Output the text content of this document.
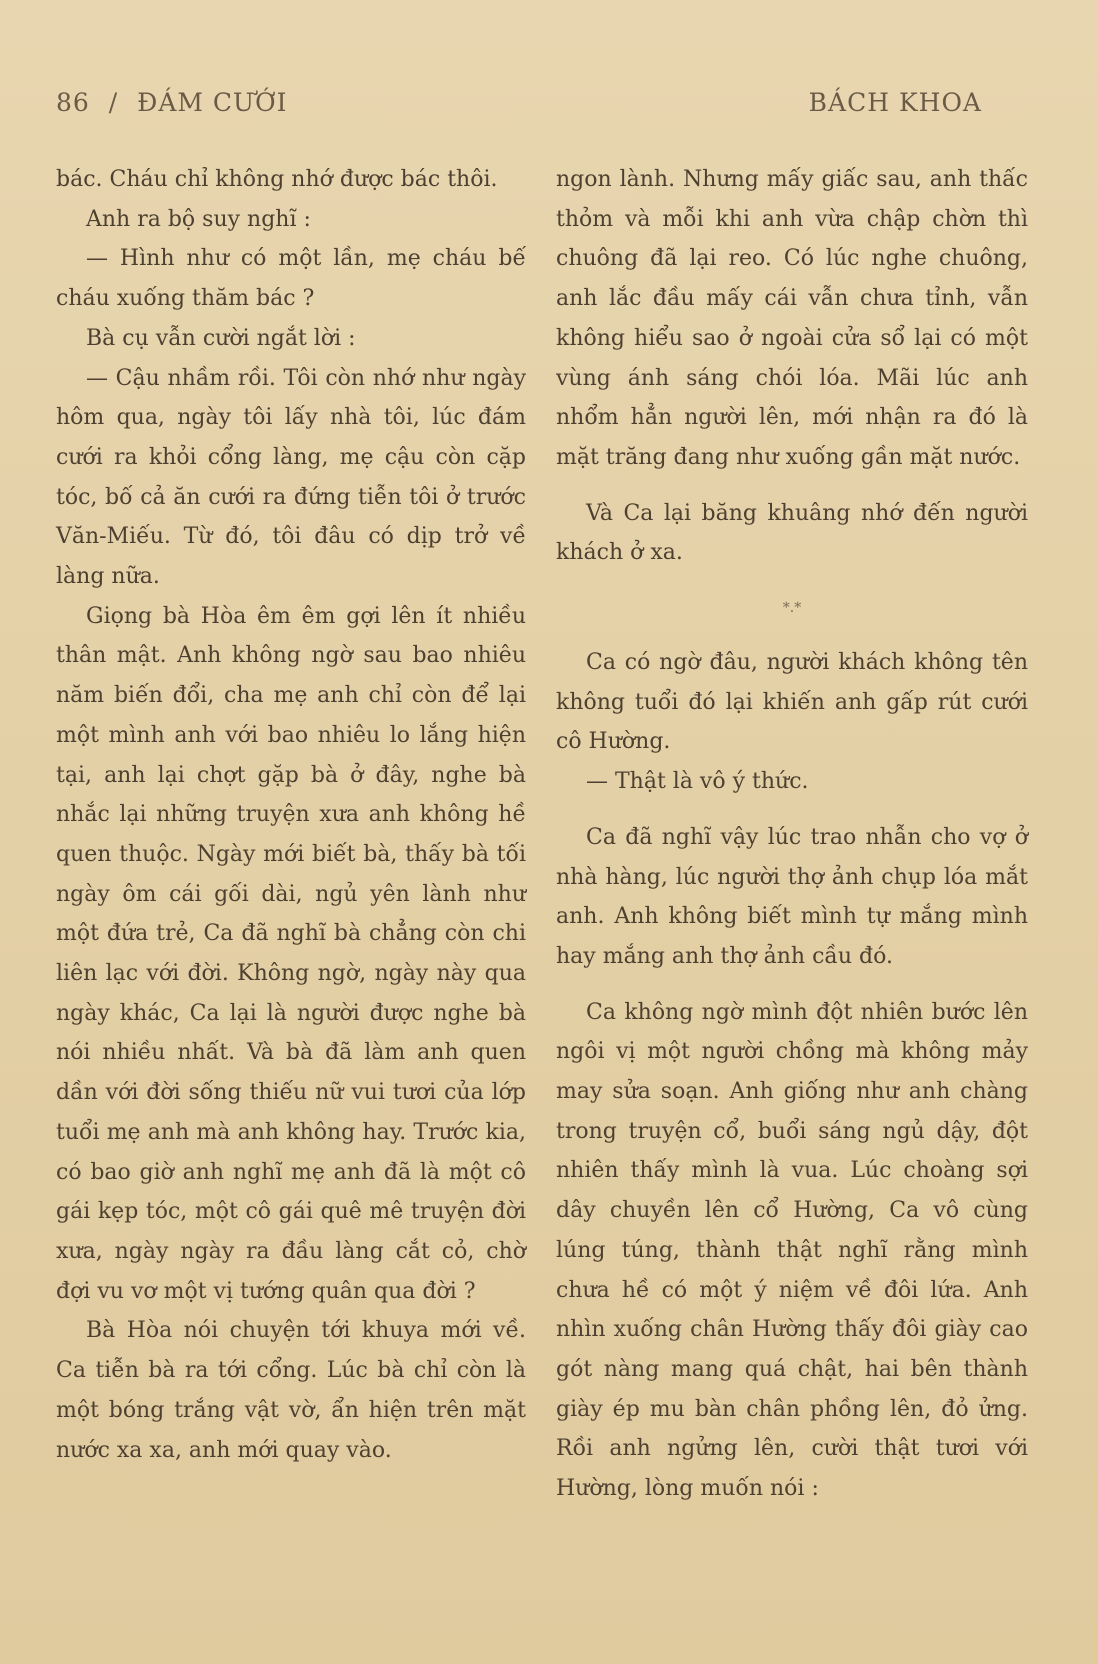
86 / ĐÁM CƯỚI	BÁCH KHOA

bác. Cháu chỉ không nhớ được bác thôi.

Anh ra bộ suy nghĩ :

— Hình như có một lần, mẹ cháu bế cháu xuống thăm bác ?

Bà cụ vẫn cười ngắt lời :

— Cậu nhầm rồi. Tôi còn nhớ như ngày hôm qua, ngày tôi lấy nhà tôi, lúc đám cưới ra khỏi cổng làng, mẹ cậu còn cặp tóc, bố cả ăn cưới ra đứng tiễn tôi ở trước Văn-Miếu. Từ đó, tôi đâu có dịp trở về làng nữa.

Giọng bà Hòa êm êm gợi lên ít nhiều thân mật. Anh không ngờ sau bao nhiêu năm biến đổi, cha mẹ anh chỉ còn để lại một mình anh với bao nhiêu lo lắng hiện tại, anh lại chợt gặp bà ở đây, nghe bà nhắc lại những truyện xưa anh không hề quen thuộc. Ngày mới biết bà, thấy bà tối ngày ôm cái gối dài, ngủ yên lành như một đứa trẻ, Ca đã nghĩ bà chẳng còn chi liên lạc với đời. Không ngờ, ngày này qua ngày khác, Ca lại là người được nghe bà nói nhiều nhất. Và bà đã làm anh quen dần với đời sống thiếu nữ vui tươi của lớp tuổi mẹ anh mà anh không hay. Trước kia, có bao giờ anh nghĩ mẹ anh đã là một cô gái kẹp tóc, một cô gái quê mê truyện đời xưa, ngày ngày ra đầu làng cắt cỏ, chờ đợi vu vơ một vị tướng quân qua đời ?

Bà Hòa nói chuyện tới khuya mới về. Ca tiễn bà ra tới cổng. Lúc bà chỉ còn là một bóng trắng vật vờ, ẩn hiện trên mặt nước xa xa, anh mới quay vào.

ngon lành. Nhưng mấy giấc sau, anh thấc thỏm và mỗi khi anh vừa chập chờn thì chuông đã lại reo. Có lúc nghe chuông, anh lắc đầu mấy cái vẫn chưa tỉnh, vẫn không hiểu sao ở ngoài cửa sổ lại có một vùng ánh sáng chói lóa. Mãi lúc anh nhổm hẳn người lên, mới nhận ra đó là mặt trăng đang như xuống gần mặt nước.

Và Ca lại băng khuâng nhớ đến người khách ở xa.

*.*

Ca có ngờ đâu, người khách không tên không tuổi đó lại khiến anh gấp rút cưới cô Hường.

— Thật là vô ý thức.

Ca đã nghĩ vậy lúc trao nhẫn cho vợ ở nhà hàng, lúc người thợ ảnh chụp lóa mắt anh. Anh không biết mình tự mắng mình hay mắng anh thợ ảnh cầu đó.

Ca không ngờ mình đột nhiên bước lên ngôi vị một người chồng mà không mảy may sửa soạn. Anh giống như anh chàng trong truyện cổ, buổi sáng ngủ dậy, đột nhiên thấy mình là vua. Lúc choàng sợi dây chuyền lên cổ Hường, Ca vô cùng lúng túng, thành thật nghĩ rằng mình chưa hề có một ý niệm về đôi lứa. Anh nhìn xuống chân Hường thấy đôi giày cao gót nàng mang quá chật, hai bên thành giày ép mu bàn chân phồng lên, đỏ ửng. Rồi anh ngửng lên, cười thật tươi với Hường, lòng muốn nói :
